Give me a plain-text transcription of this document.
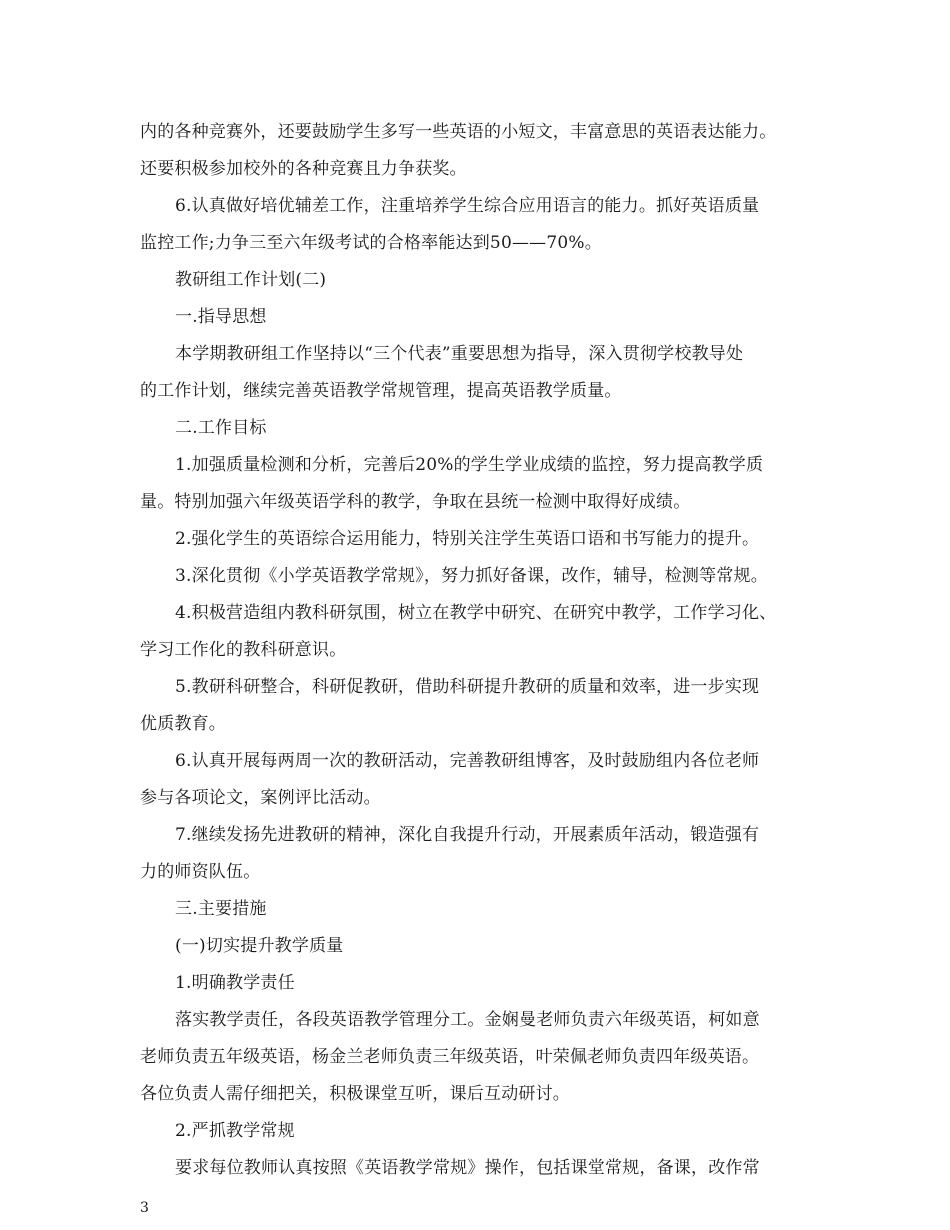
内的各种竞赛外，还要鼓励学生多写一些英语的小短文，丰富意思的英语表达能力。
还要积极参加校外的各种竞赛且力争获奖。
6.认真做好培优辅差工作，注重培养学生综合应用语言的能力。抓好英语质量
监控工作;力争三至六年级考试的合格率能达到50——70%。
教研组工作计划(二)
一.指导思想
本学期教研组工作坚持以“三个代表”重要思想为指导，深入贯彻学校教导处
的工作计划，继续完善英语教学常规管理，提高英语教学质量。
二.工作目标
1.加强质量检测和分析，完善后20%的学生学业成绩的监控，努力提高教学质
量。特别加强六年级英语学科的教学，争取在县统一检测中取得好成绩。
2.强化学生的英语综合运用能力，特别关注学生英语口语和书写能力的提升。
3.深化贯彻《小学英语教学常规》，努力抓好备课，改作，辅导，检测等常规。
4.积极营造组内教科研氛围，树立在教学中研究、在研究中教学，工作学习化、
学习工作化的教科研意识。
5.教研科研整合，科研促教研，借助科研提升教研的质量和效率，进一步实现
优质教育。
6.认真开展每两周一次的教研活动，完善教研组博客，及时鼓励组内各位老师
参与各项论文，案例评比活动。
7.继续发扬先进教研的精神，深化自我提升行动，开展素质年活动，锻造强有
力的师资队伍。
三.主要措施
(一)切实提升教学质量
1.明确教学责任
落实教学责任，各段英语教学管理分工。金娴曼老师负责六年级英语，柯如意
老师负责五年级英语，杨金兰老师负责三年级英语，叶荣佩老师负责四年级英语。
各位负责人需仔细把关，积极课堂互听，课后互动研讨。
2.严抓教学常规
要求每位教师认真按照《英语教学常规》操作，包括课堂常规，备课，改作常
3
